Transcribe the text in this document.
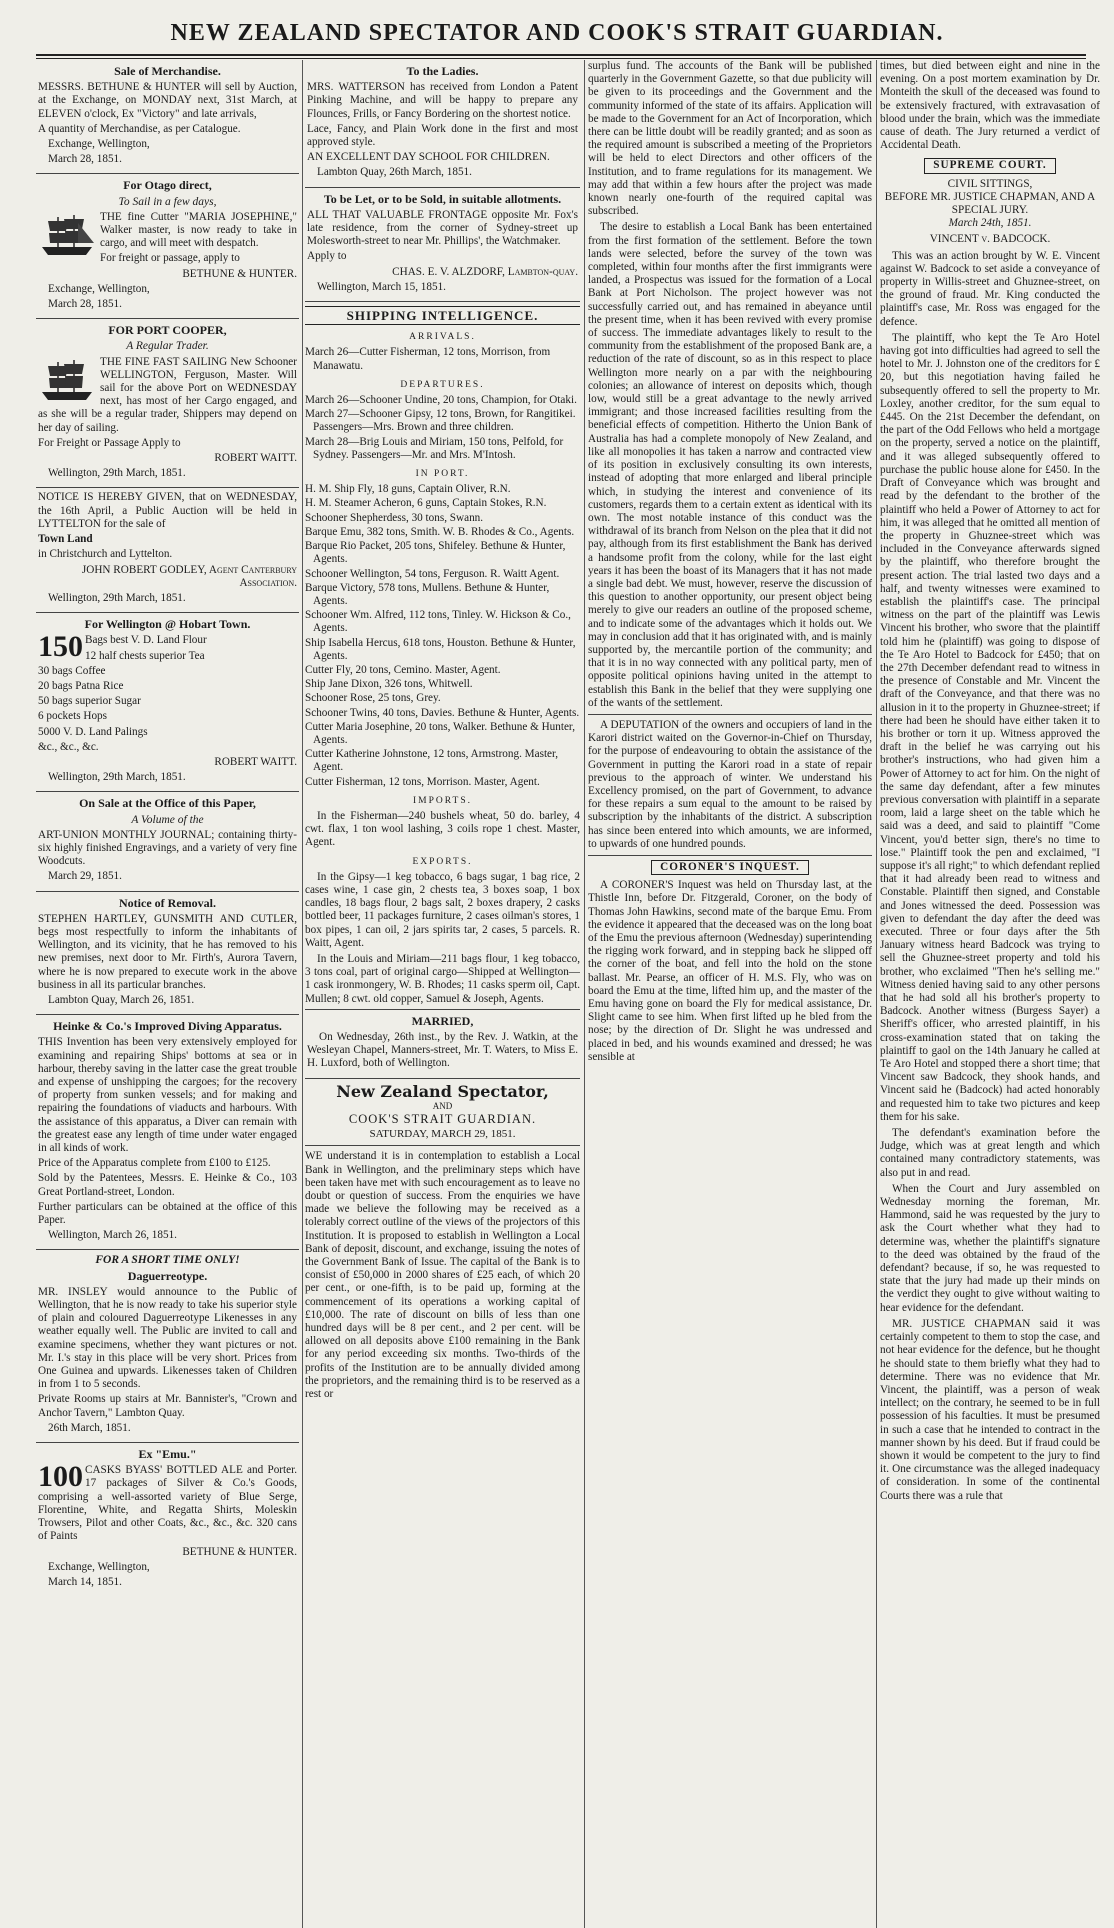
NEW ZEALAND SPECTATOR AND COOK'S STRAIT GUARDIAN.
Sale of Merchandise.

MESSRS. BETHUNE & HUNTER will sell by Auction, at the Exchange, on MONDAY next, 31st March, at ELEVEN o'clock, Ex "Victory" and late arrivals,

A quantity of Merchandise, as per Catalogue.

Exchange, Wellington,

March 28, 1851.

For Otago direct,
To Sail in a few days,

THE fine Cutter "MARIA JOSEPHINE," Walker master, is now ready to take in cargo, and will meet with despatch.

For freight or passage, apply to

BETHUNE & HUNTER.

Exchange, Wellington,

March 28, 1851.

FOR PORT COOPER,
A Regular Trader.

THE FINE FAST SAILING New Schooner WELLINGTON, Ferguson, Master. Will sail for the above Port on WEDNESDAY next, has most of her Cargo engaged, and as she will be a regular trader, Shippers may depend on her day of sailing.

For Freight or Passage Apply to

ROBERT WAITT.

Wellington, 29th March, 1851.

NOTICE IS HEREBY GIVEN, that on WEDNESDAY, the 16th April, a Public Auction will be held in LYTTELTON for the sale of

Town Land

in Christchurch and Lyttelton.

JOHN ROBERT GODLEY, Agent Canterbury Association.

Wellington, 29th March, 1851.

For Wellington @ Hobart Town.
150 Bags best V. D. Land Flour

12 half chests superior Tea

30 bags Coffee

20 bags Patna Rice

50 bags superior Sugar

6 pockets Hops

5000 V. D. Land Palings

&c., &c., &c.

ROBERT WAITT.

Wellington, 29th March, 1851.

On Sale at the Office of this Paper,
A Volume of the

ART-UNION MONTHLY JOURNAL; containing thirty-six highly finished Engravings, and a variety of very fine Woodcuts.

March 29, 1851.

Notice of Removal.

STEPHEN HARTLEY, GUNSMITH AND CUTLER, begs most respectfully to inform the inhabitants of Wellington, and its vicinity, that he has removed to his new premises, next door to Mr. Firth's, Aurora Tavern, where he is now prepared to execute work in the above business in all its particular branches.

Lambton Quay, March 26, 1851.

Heinke & Co.'s Improved Diving Apparatus.

THIS Invention has been very extensively employed for examining and repairing Ships' bottoms at sea or in harbour, thereby saving in the latter case the great trouble and expense of unshipping the cargoes; for the recovery of property from sunken vessels; and for making and repairing the foundations of viaducts and harbours. With the assistance of this apparatus, a Diver can remain with the greatest ease any length of time under water engaged in all kinds of work.

Price of the Apparatus complete from £100 to £125.

Sold by the Patentees, Messrs. E. Heinke & Co., 103 Great Portland-street, London.

Further particulars can be obtained at the office of this Paper.

Wellington, March 26, 1851.

FOR A SHORT TIME ONLY!
Daguerreotype.

MR. INSLEY would announce to the Public of Wellington, that he is now ready to take his superior style of plain and coloured Daguerreotype Likenesses in any weather equally well. The Public are invited to call and examine specimens, whether they want pictures or not. Mr. I.'s stay in this place will be very short. Prices from One Guinea and upwards. Likenesses taken of Children in from 1 to 5 seconds.

Private Rooms up stairs at Mr. Bannister's, "Crown and Anchor Tavern," Lambton Quay.

26th March, 1851.

Ex "Emu."
100 CASKS BYASS' BOTTLED ALE and Porter. 17 packages of Silver & Co.'s Goods, comprising a well-assorted variety of Blue Serge, Florentine, White, and Regatta Shirts, Moleskin Trowsers, Pilot and other Coats, &c., &c., &c. 320 cans of Paints

BETHUNE & HUNTER.

Exchange, Wellington,

March 14, 1851.

To the Ladies.

MRS. WATTERSON has received from London a Patent Pinking Machine, and will be happy to prepare any Flounces, Frills, or Fancy Bordering on the shortest notice.

Lace, Fancy, and Plain Work done in the first and most approved style.

AN EXCELLENT DAY SCHOOL FOR CHILDREN.

Lambton Quay, 26th March, 1851.

To be Let, or to be Sold, in suitable allotments.

ALL THAT VALUABLE FRONTAGE opposite Mr. Fox's late residence, from the corner of Sydney-street up Molesworth-street to near Mr. Phillips', the Watchmaker.

Apply to

CHAS. E. V. ALZDORF, Lambton-quay.

Wellington, March 15, 1851.

SHIPPING INTELLIGENCE.
ARRIVALS.

March 26—Cutter Fisherman, 12 tons, Morrison, from Manawatu.

DEPARTURES.

March 26—Schooner Undine, 20 tons, Champion, for Otaki.

March 27—Schooner Gipsy, 12 tons, Brown, for Rangitikei. Passengers—Mrs. Brown and three children.

March 28—Brig Louis and Miriam, 150 tons, Pelfold, for Sydney. Passengers—Mr. and Mrs. M'Intosh.

IN PORT.

H. M. Ship Fly, 18 guns, Captain Oliver, R.N.

H. M. Steamer Acheron, 6 guns, Captain Stokes, R.N.

Schooner Shepherdess, 30 tons, Swann.

Barque Emu, 382 tons, Smith. W. B. Rhodes & Co., Agents.

Barque Rio Packet, 205 tons, Shifeley. Bethune & Hunter, Agents.

Schooner Wellington, 54 tons, Ferguson. R. Waitt Agent.

Barque Victory, 578 tons, Mullens. Bethune & Hunter, Agents.

Schooner Wm. Alfred, 112 tons, Tinley. W. Hickson & Co., Agents.

Ship Isabella Hercus, 618 tons, Houston. Bethune & Hunter, Agents.

Cutter Fly, 20 tons, Cemino. Master, Agent.

Ship Jane Dixon, 326 tons, Whitwell.

Schooner Rose, 25 tons, Grey.

Schooner Twins, 40 tons, Davies. Bethune & Hunter, Agents.

Cutter Maria Josephine, 20 tons, Walker. Bethune & Hunter, Agents.

Cutter Katherine Johnstone, 12 tons, Armstrong. Master, Agent.

Cutter Fisherman, 12 tons, Morrison. Master, Agent.

IMPORTS.

In the Fisherman—240 bushels wheat, 50 do. barley, 4 cwt. flax, 1 ton wool lashing, 3 coils rope 1 chest. Master, Agent.

EXPORTS.

In the Gipsy—1 keg tobacco, 6 bags sugar, 1 bag rice, 2 cases wine, 1 case gin, 2 chests tea, 3 boxes soap, 1 box candles, 18 bags flour, 2 bags salt, 2 boxes drapery, 2 casks bottled beer, 11 packages furniture, 2 cases oilman's stores, 1 box pipes, 1 can oil, 2 jars spirits tar, 2 cases, 5 parcels. R. Waitt, Agent.

In the Louis and Miriam—211 bags flour, 1 keg tobacco, 3 tons coal, part of original cargo—Shipped at Wellington—1 cask ironmongery, W. B. Rhodes; 11 casks sperm oil, Capt. Mullen; 8 cwt. old copper, Samuel & Joseph, Agents.

MARRIED,

On Wednesday, 26th inst., by the Rev. J. Watkin, at the Wesleyan Chapel, Manners-street, Mr. T. Waters, to Miss E. H. Luxford, both of Wellington.

New Zealand Spectator,
AND
COOK'S STRAIT GUARDIAN.
SATURDAY, MARCH 29, 1851.

WE understand it is in contemplation to establish a Local Bank in Wellington, and the preliminary steps which have been taken have met with such encouragement as to leave no doubt or question of success. From the enquiries we have made we believe the following may be received as a tolerably correct outline of the views of the projectors of this Institution. It is proposed to establish in Wellington a Local Bank of deposit, discount, and exchange, issuing the notes of the Government Bank of Issue. The capital of the Bank is to consist of £50,000 in 2000 shares of £25 each, of which 20 per cent., or one-fifth, is to be paid up, forming at the commencement of its operations a working capital of £10,000. The rate of discount on bills of less than one hundred days will be 8 per cent., and 2 per cent. will be allowed on all deposits above £100 remaining in the Bank for any period exceeding six months. Two-thirds of the profits of the Institution are to be annually divided among the proprietors, and the remaining third is to be reserved as a rest or

surplus fund. The accounts of the Bank will be published quarterly in the Government Gazette, so that due publicity will be given to its proceedings and the Government and the community informed of the state of its affairs. Application will be made to the Government for an Act of Incorporation, which there can be little doubt will be readily granted; and as soon as the required amount is subscribed a meeting of the Proprietors will be held to elect Directors and other officers of the Institution, and to frame regulations for its management. We may add that within a few hours after the project was made known nearly one-fourth of the required capital was subscribed.

The desire to establish a Local Bank has been entertained from the first formation of the settlement. Before the town lands were selected, before the survey of the town was completed, within four months after the first immigrants were landed, a Prospectus was issued for the formation of a Local Bank at Port Nicholson. The project however was not successfully carried out, and has remained in abeyance until the present time, when it has been revived with every promise of success. The immediate advantages likely to result to the community from the establishment of the proposed Bank are, a reduction of the rate of discount, so as in this respect to place Wellington more nearly on a par with the neighbouring colonies; an allowance of interest on deposits which, though low, would still be a great advantage to the newly arrived immigrant; and those increased facilities resulting from the beneficial effects of competition. Hitherto the Union Bank of Australia has had a complete monopoly of New Zealand, and like all monopolies it has taken a narrow and contracted view of its position in exclusively consulting its own interests, instead of adopting that more enlarged and liberal principle which, in studying the interest and convenience of its customers, regards them to a certain extent as identical with its own. The most notable instance of this conduct was the withdrawal of its branch from Nelson on the plea that it did not pay, although from its first establishment the Bank has derived a handsome profit from the colony, while for the last eight years it has been the boast of its Managers that it has not made a single bad debt. We must, however, reserve the discussion of this question to another opportunity, our present object being merely to give our readers an outline of the proposed scheme, and to indicate some of the advantages which it holds out. We may in conclusion add that it has originated with, and is mainly supported by, the mercantile portion of the community; and that it is in no way connected with any political party, men of opposite political opinions having united in the attempt to establish this Bank in the belief that they were supplying one of the wants of the settlement.

A DEPUTATION of the owners and occupiers of land in the Karori district waited on the Governor-in-Chief on Thursday, for the purpose of endeavouring to obtain the assistance of the Government in putting the Karori road in a state of repair previous to the approach of winter. We understand his Excellency promised, on the part of Government, to advance for these repairs a sum equal to the amount to be raised by subscription by the inhabitants of the district. A subscription has since been entered into which amounts, we are informed, to upwards of one hundred pounds.

CORONER'S INQUEST.

A CORONER'S Inquest was held on Thursday last, at the Thistle Inn, before Dr. Fitzgerald, Coroner, on the body of Thomas John Hawkins, second mate of the barque Emu. From the evidence it appeared that the deceased was on the long boat of the Emu the previous afternoon (Wednesday) superintending the rigging work forward, and in stepping back he slipped off the corner of the boat, and fell into the hold on the stone ballast. Mr. Pearse, an officer of H. M.S. Fly, who was on board the Emu at the time, lifted him up, and the master of the Emu having gone on board the Fly for medical assistance, Dr. Slight came to see him. When first lifted up he bled from the nose; by the direction of Dr. Slight he was undressed and placed in bed, and his wounds examined and dressed; he was sensible at

times, but died between eight and nine in the evening. On a post mortem examination by Dr. Monteith the skull of the deceased was found to be extensively fractured, with extravasation of blood under the brain, which was the immediate cause of death. The Jury returned a verdict of Accidental Death.

SUPREME COURT.
CIVIL SITTINGS,
BEFORE MR. JUSTICE CHAPMAN, AND A SPECIAL JURY.
March 24th, 1851.
VINCENT v. BADCOCK.

This was an action brought by W. E. Vincent against W. Badcock to set aside a conveyance of property in Willis-street and Ghuznee-street, on the ground of fraud. Mr. King conducted the plaintiff's case, Mr. Ross was engaged for the defence.

The plaintiff, who kept the Te Aro Hotel having got into difficulties had agreed to sell the hotel to Mr. J. Johnston one of the creditors for £ 20, but this negotiation having failed he subsequently offered to sell the property to Mr. Loxley, another creditor, for the sum equal to £445. On the 21st December the defendant, on the part of the Odd Fellows who held a mortgage on the property, served a notice on the plaintiff, and it was alleged subsequently offered to purchase the public house alone for £450. In the Draft of Conveyance which was brought and read by the defendant to the brother of the plaintiff who held a Power of Attorney to act for him, it was alleged that he omitted all mention of the property in Ghuznee-street which was included in the Conveyance afterwards signed by the plaintiff, who therefore brought the present action. The trial lasted two days and a half, and twenty witnesses were examined to establish the plaintiff's case. The principal witness on the part of the plaintiff was Lewis Vincent his brother, who swore that the plaintiff told him he (plaintiff) was going to dispose of the Te Aro Hotel to Badcock for £450; that on the 27th December defendant read to witness in the presence of Constable and Mr. Vincent the draft of the Conveyance, and that there was no allusion in it to the property in Ghuznee-street; if there had been he should have either taken it to his brother or torn it up. Witness approved the draft in the belief he was carrying out his brother's instructions, who had given him a Power of Attorney to act for him. On the night of the same day defendant, after a few minutes previous conversation with plaintiff in a separate room, laid a large sheet on the table which he said was a deed, and said to plaintiff "Come Vincent, you'd better sign, there's no time to lose." Plaintiff took the pen and exclaimed, "I suppose it's all right;" to which defendant replied that it had already been read to witness and Constable. Plaintiff then signed, and Constable and Jones witnessed the deed. Possession was given to defendant the day after the deed was executed. Three or four days after the 5th January witness heard Badcock was trying to sell the Ghuznee-street property and told his brother, who exclaimed "Then he's selling me." Witness denied having said to any other persons that he had sold all his brother's property to Badcock. Another witness (Burgess Sayer) a Sheriff's officer, who arrested plaintiff, in his cross-examination stated that on taking the plaintiff to gaol on the 14th January he called at Te Aro Hotel and stopped there a short time; that Vincent saw Badcock, they shook hands, and Vincent said he (Badcock) had acted honorably and requested him to take two pictures and keep them for his sake.

The defendant's examination before the Judge, which was at great length and which contained many contradictory statements, was also put in and read.

When the Court and Jury assembled on Wednesday morning the foreman, Mr. Hammond, said he was requested by the jury to ask the Court whether what they had to determine was, whether the plaintiff's signature to the deed was obtained by the fraud of the defendant? because, if so, he was requested to state that the jury had made up their minds on the verdict they ought to give without waiting to hear evidence for the defendant.

MR. JUSTICE CHAPMAN said it was certainly competent to them to stop the case, and not hear evidence for the defence, but he thought he should state to them briefly what they had to determine. There was no evidence that Mr. Vincent, the plaintiff, was a person of weak intellect; on the contrary, he seemed to be in full possession of his faculties. It must be presumed in such a case that he intended to contract in the manner shown by his deed. But if fraud could be shown it would be competent to the jury to find it. One circumstance was the alleged inadequacy of consideration. In some of the continental Courts there was a rule that
